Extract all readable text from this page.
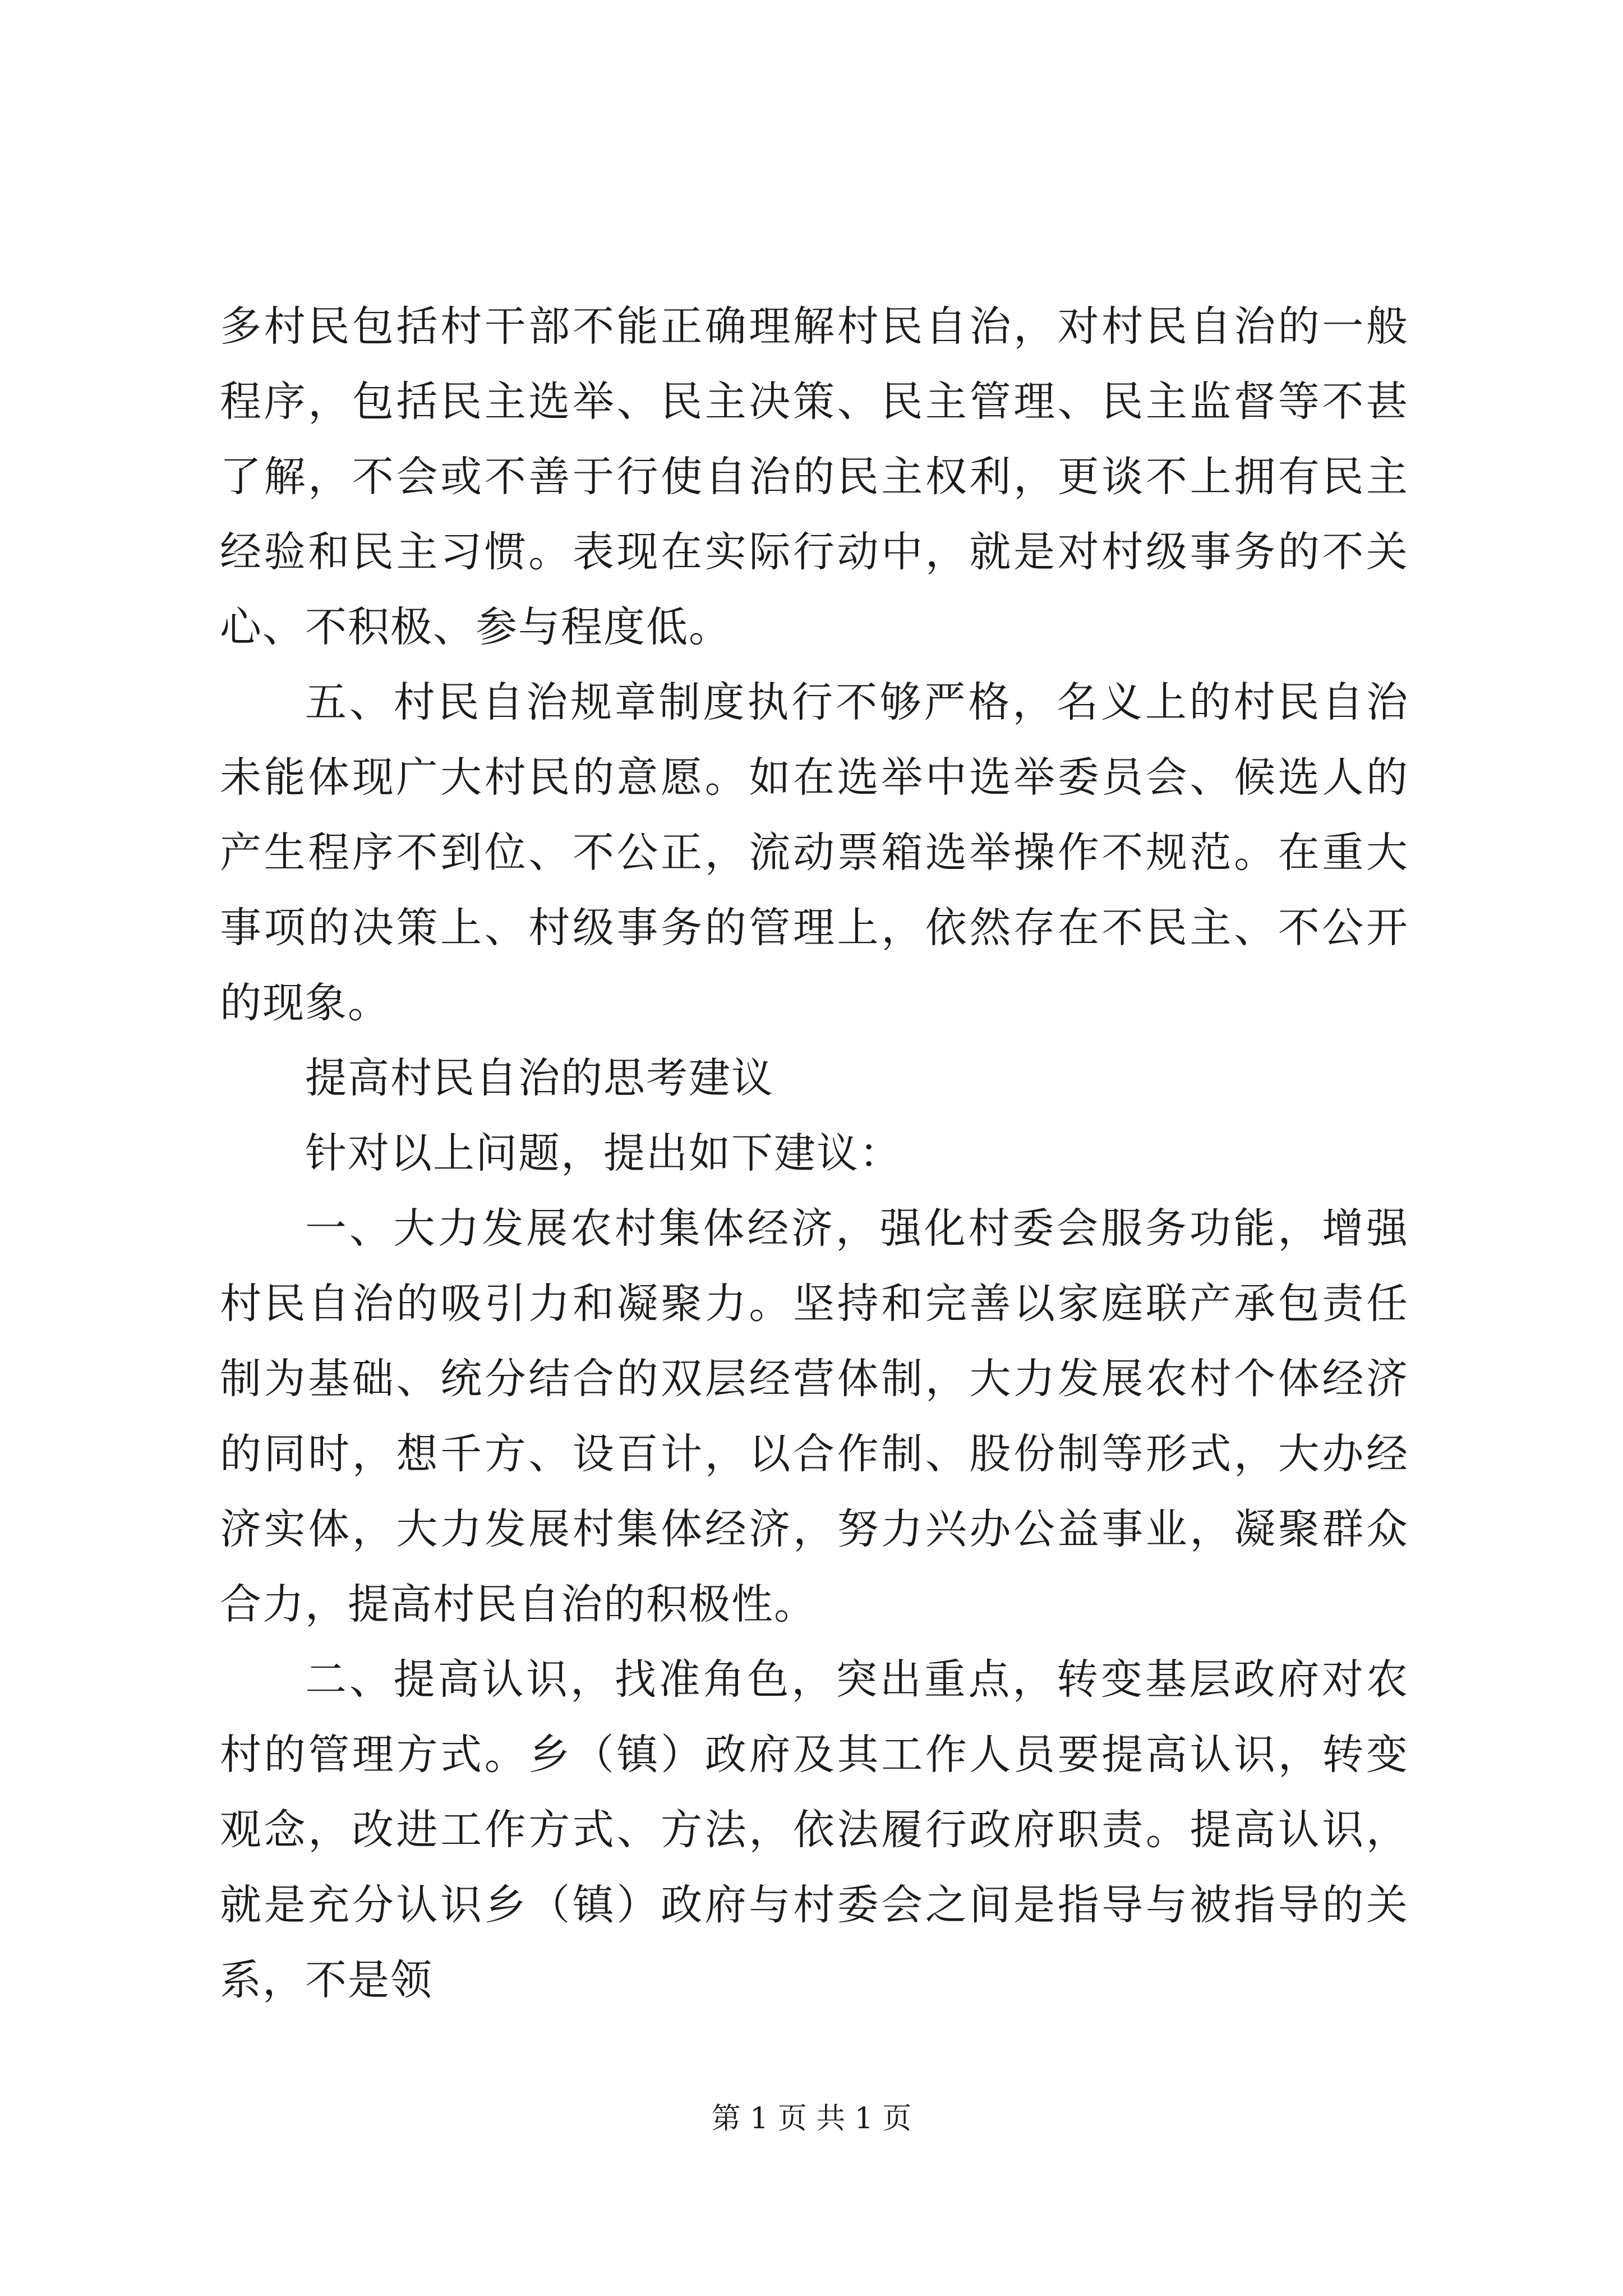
多村民包括村干部不能正确理解村民自治，对村民自治的一般程序，包括民主选举、民主决策、民主管理、民主监督等不甚了解，不会或不善于行使自治的民主权利，更谈不上拥有民主经验和民主习惯。表现在实际行动中，就是对村级事务的不关心、不积极、参与程度低。

五、村民自治规章制度执行不够严格，名义上的村民自治未能体现广大村民的意愿。如在选举中选举委员会、候选人的产生程序不到位、不公正，流动票箱选举操作不规范。在重大事项的决策上、村级事务的管理上，依然存在不民主、不公开的现象。

提高村民自治的思考建议

针对以上问题，提出如下建议：

一、大力发展农村集体经济，强化村委会服务功能，增强村民自治的吸引力和凝聚力。坚持和完善以家庭联产承包责任制为基础、统分结合的双层经营体制，大力发展农村个体经济的同时，想千方、设百计，以合作制、股份制等形式，大办经济实体，大力发展村集体经济，努力兴办公益事业，凝聚群众合力，提高村民自治的积极性。

二、提高认识，找准角色，突出重点，转变基层政府对农村的管理方式。乡（镇）政府及其工作人员要提高认识，转变观念，改进工作方式、方法，依法履行政府职责。提高认识，就是充分认识乡（镇）政府与村委会之间是指导与被指导的关系，不是领

第 1 页 共 1 页
